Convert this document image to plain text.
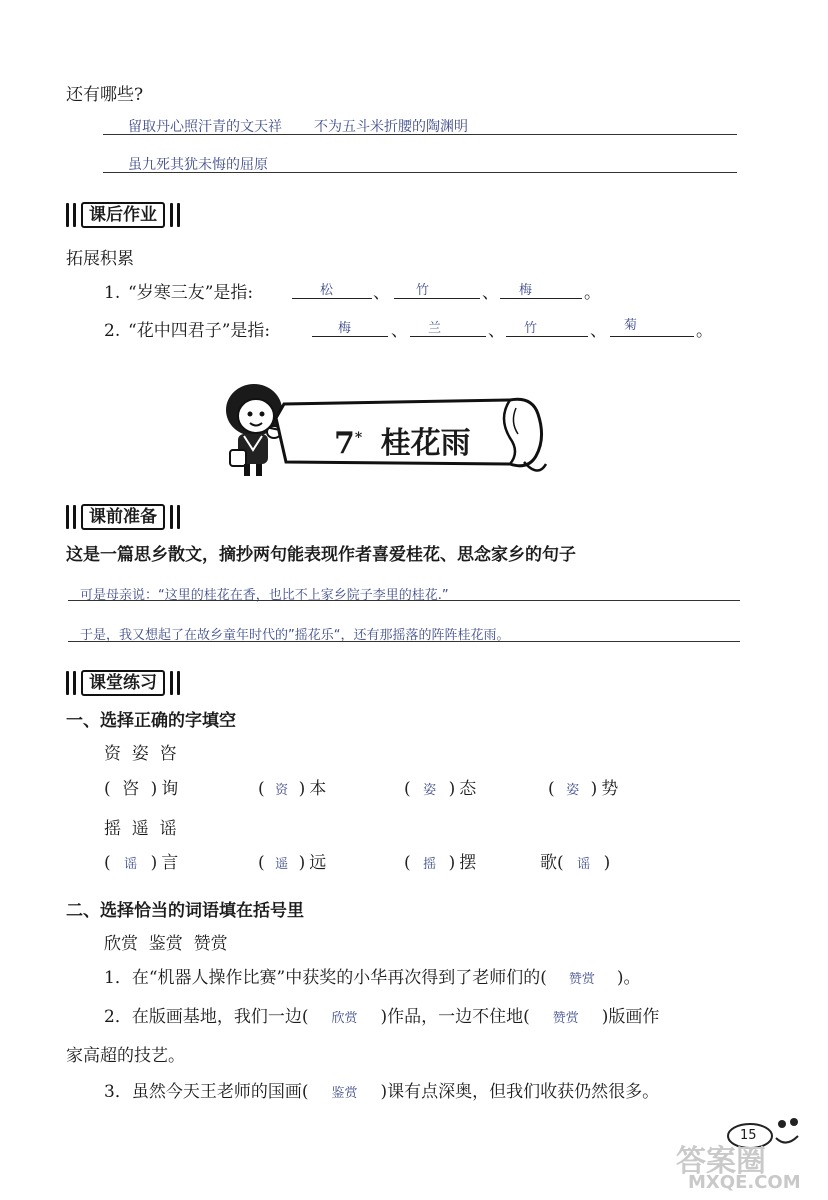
还有哪些?
留取丹心照汗青的文天祥 不为五斗米折腰的陶渊明
虽九死其犹未悔的屈原
课后作业
拓展积累
1. “岁寒三友”是指:	松 、 竹	、 梅	。
2. “花中四君子”是指:	梅 、 兰	、 竹	、 菊	。
7* 桂花雨
课前准备
这是一篇思乡散文，摘抄两句能表现作者喜爱桂花、思念家乡的句子
可是母亲说：“这里的桂花在香，也比不上家乡院子李里的桂花.”
于是，我又想起了在故乡童年时代的”摇花乐“，还有那摇落的阵阵桂花雨。
课堂练习
一、选择正确的字填空
资  姿  咨
( 咨 ) 询	( 资 ) 本	( 姿 ) 态	( 姿 ) 势
摇  遥  谣
( 谣 ) 言	( 遥 ) 远	( 摇 ) 摆	歌( 谣 )
二、选择恰当的词语填在括号里
欣赏  鉴赏  赞赏
1．在“机器人操作比赛”中获奖的小华再次得到了老师们的( 赞赏 )。
2．在版画基地，我们一边( 欣赏 )作品，一边不住地( 赞赏 )版画作
家高超的技艺。
3．虽然今天王老师的国画( 鉴赏 )课有点深奥，但我们收获仍然很多。
15
答案圈
MXQE.COM
